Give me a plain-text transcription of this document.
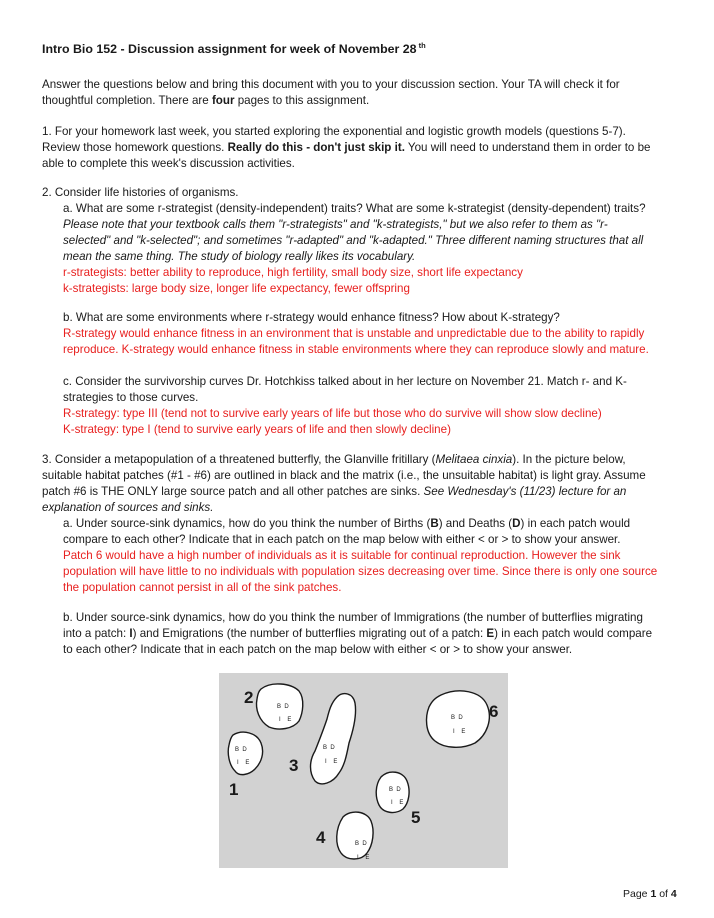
Intro Bio 152 - Discussion assignment for week of November 28 $^{th}$

Answer the questions below and bring this document with you to your discussion section. Your TA will check it for
thoughtful completion. There are four pages to this assignment.

1. For your homework last week, you started exploring the exponential and logistic growth models (questions 5-7).
Review those homework questions. Really do this - don't just skip it. You will need to understand them in order to be
able to complete this week's discussion activities.

2. Consider life histories of organisms.

a. What are some r-strategist (density-independent) traits? What are some k-strategist (density-dependent) traits?
Please note that your textbook calls them "r-strategists" and "k-strategists," but we also refer to them as "r-
selected" and "k-selected"; and sometimes "r-adapted" and "k-adapted." Three different naming structures that all
mean the same thing. The study of biology really likes its vocabulary.
r-strategists: better ability to reproduce, high fertility, small body size, short life expectancy
k-strategists: large body size, longer life expectancy, fewer offspring

b. What are some environments where r-strategy would enhance fitness? How about K-strategy?
R-strategy would enhance fitness in an environment that is unstable and unpredictable due to the ability to rapidly
reproduce. K-strategy would enhance fitness in stable environments where they can reproduce slowly and mature.

c. Consider the survivorship curves Dr. Hotchkiss talked about in her lecture on November 21. Match r- and K-
strategies to those curves.
R-strategy: type III (tend not to survive early years of life but those who do survive will show slow decline)
K-strategy: type I (tend to survive early years of life and then slowly decline)

3. Consider a metapopulation of a threatened butterfly, the Glanville fritillary (Melitaea cinxia). In the picture below,
suitable habitat patches (#1 - #6) are outlined in black and the matrix (i.e., the unsuitable habitat) is light gray. Assume
patch #6 is THE ONLY large source patch and all other patches are sinks. See Wednesday's (11/23) lecture for an
explanation of sources and sinks.

a. Under source-sink dynamics, how do you think the number of Births (B) and Deaths (D) in each patch would
compare to each other? Indicate that in each patch on the map below with either < or > to show your answer.
Patch 6 would have a high number of individuals as it is suitable for continual reproduction. However the sink
population will have little to no individuals with population sizes decreasing over time. Since there is only one source
the population cannot persist in all of the sink patches.

b. Under source-sink dynamics, how do you think the number of Immigrations (the number of butterflies migrating
into a patch: I) and Emigrations (the number of butterflies migrating out of a patch: E) in each patch would compare
to each other? Indicate that in each patch on the map below with either < or > to show your answer.

1
2
3
4
5
6
B  D
I    E
B  D
I    E
B  D
I    E
B  D
I    E
B  D
I    E
B  D
I    E
Page 1 of 4
